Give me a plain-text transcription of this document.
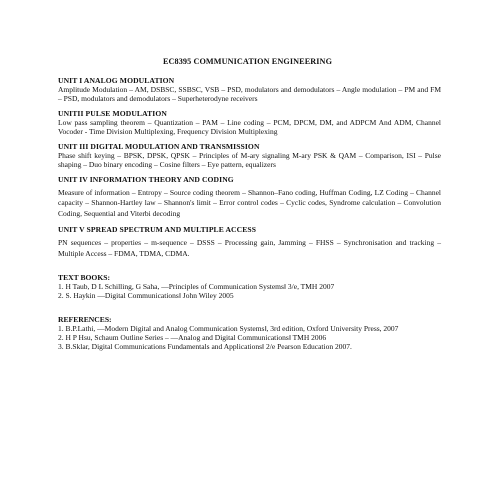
EC8395 COMMUNICATION ENGINEERING
UNIT I ANALOG MODULATION
Amplitude Modulation – AM, DSBSC, SSBSC, VSB – PSD, modulators and demodulators – Angle modulation – PM and FM – PSD, modulators and demodulators – Superheterodyne receivers
UNITII PULSE MODULATION
Low pass sampling theorem – Quantization – PAM – Line coding – PCM, DPCM, DM, and ADPCM And ADM, Channel Vocoder - Time Division Multiplexing, Frequency Division Multiplexing
UNIT III DIGITAL MODULATION AND TRANSMISSION
Phase shift keying – BPSK, DPSK, QPSK – Principles of M-ary signaling M-ary PSK & QAM – Comparison, ISI – Pulse shaping – Duo binary encoding – Cosine filters – Eye pattern, equalizers
UNIT IV INFORMATION THEORY AND CODING
Measure of information – Entropy – Source coding theorem – Shannon–Fano coding, Huffman Coding, LZ Coding – Channel capacity – Shannon-Hartley law – Shannon's limit – Error control codes – Cyclic codes, Syndrome calculation – Convolution Coding, Sequential and Viterbi decoding
UNIT V SPREAD SPECTRUM AND MULTIPLE ACCESS
PN sequences – properties – m-sequence – DSSS – Processing gain, Jamming – FHSS – Synchronisation and tracking – Multiple Access – FDMA, TDMA, CDMA.
TEXT BOOKS:
1. H Taub, D L Schilling, G Saha, ―Principles of Communication Systems‖ 3/e, TMH 2007
2. S. Haykin ―Digital Communications‖ John Wiley 2005
REFERENCES:
1. B.P.Lathi, ―Modern Digital and Analog Communication Systems‖, 3rd edition, Oxford University Press, 2007
2. H P Hsu, Schaum Outline Series – ―Analog and Digital Communications‖ TMH 2006
3. B.Sklar, Digital Communications Fundamentals and Applications‖ 2/e Pearson Education 2007.
